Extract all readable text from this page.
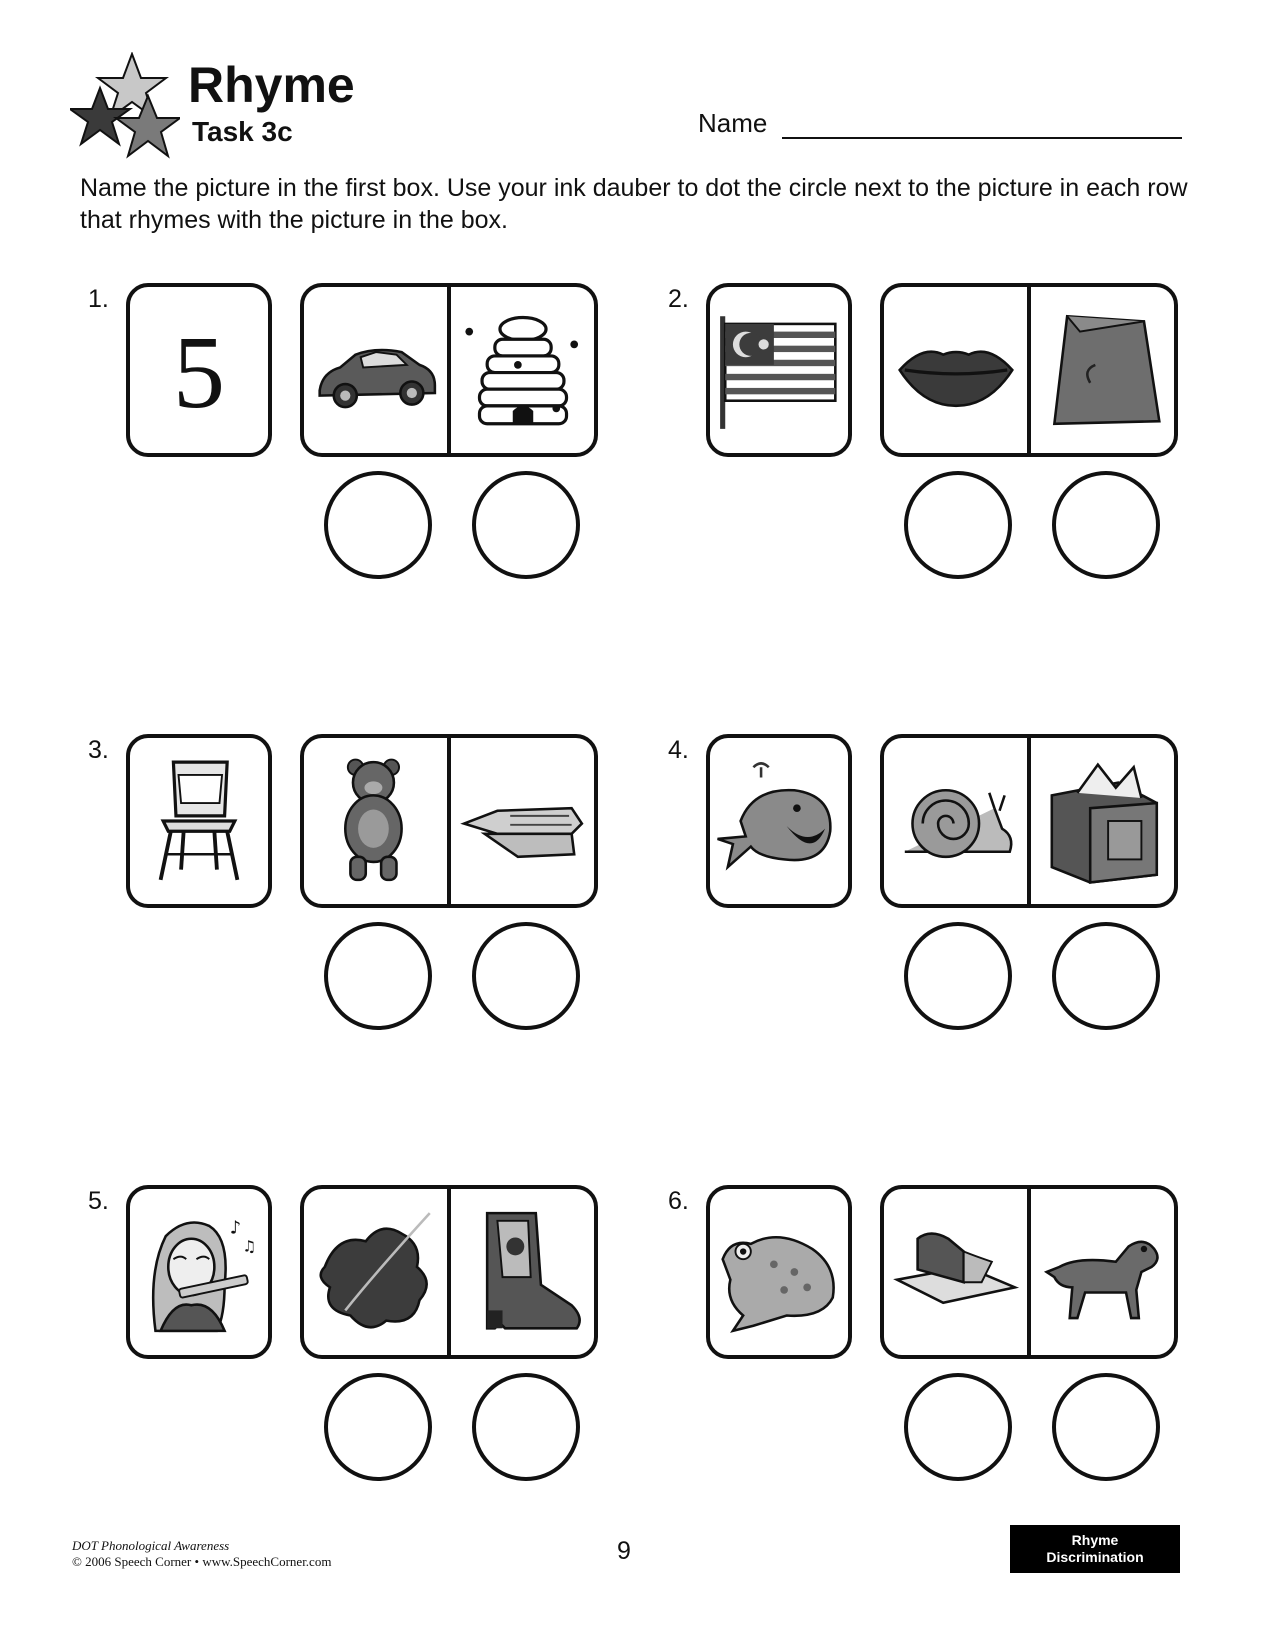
Rhyme
Task 3c	Name
Name the picture in the first box. Use your ink dauber to dot the circle next to the picture in each row that rhymes with the picture in the box.
1.
5
2.
3.	4.
5.
♪
♫
6.
DOT Phonological Awareness
© 2006 Speech Corner • www.SpeechCorner.com	9	Rhyme
Discrimination
